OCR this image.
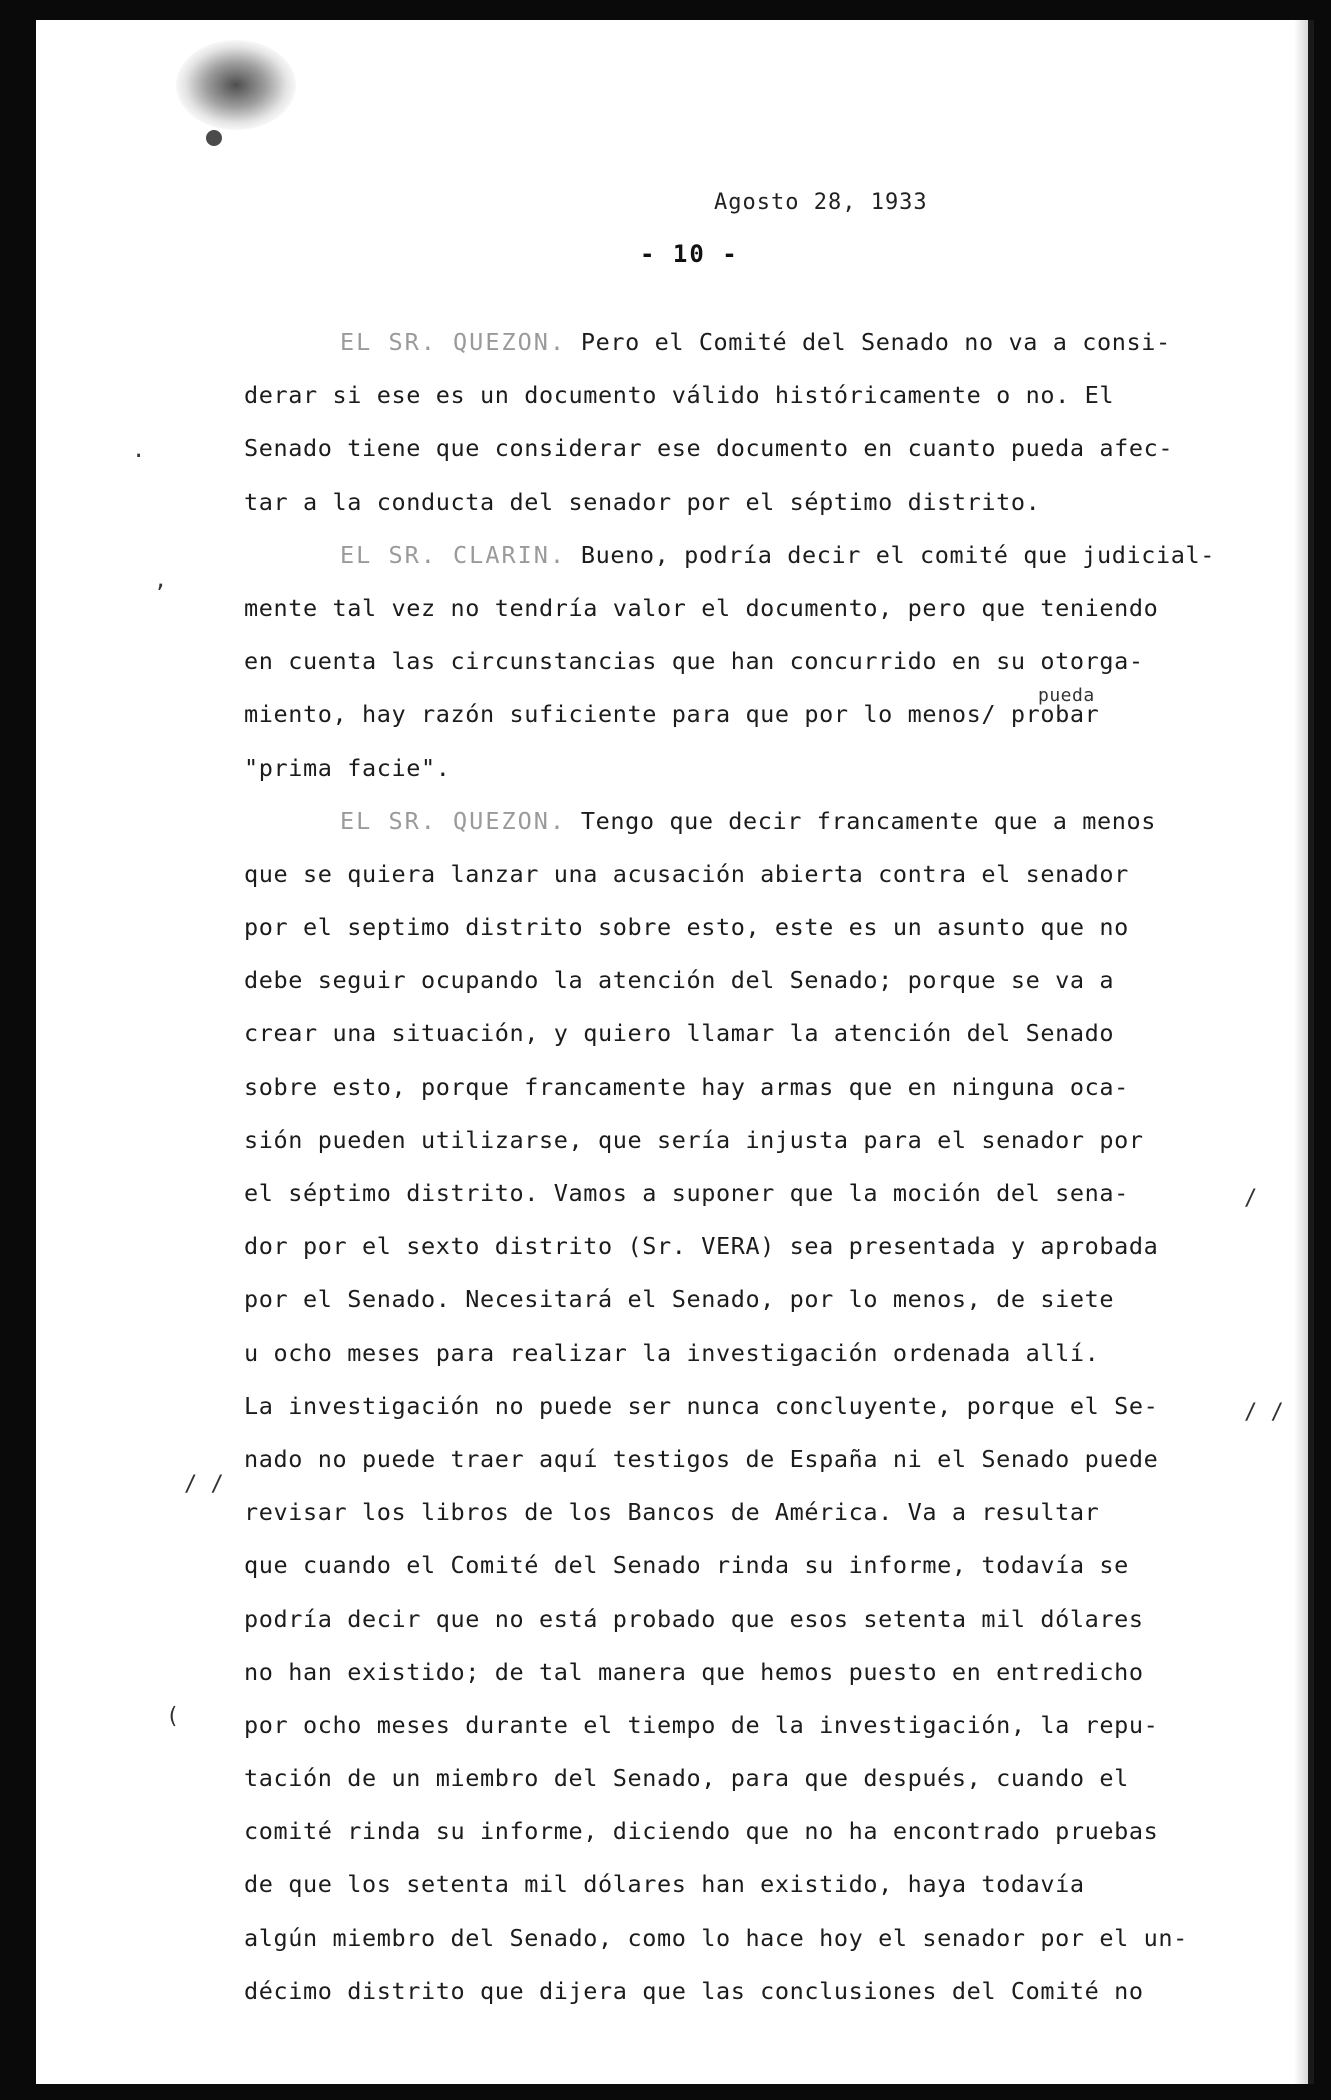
Agosto 28, 1933
- 10 -
pueda
EL SR. QUEZON. Pero el Comité del Senado no va a consi-
derar si ese es un documento válido históricamente o no. El
Senado tiene que considerar ese documento en cuanto pueda afec-
tar a la conducta del senador por el séptimo distrito.
EL SR. CLARIN. Bueno, podría decir el comité que judicial-
mente tal vez no tendría valor el documento, pero que teniendo
en cuenta las circunstancias que han concurrido en su otorga-
miento, hay razón suficiente para que por lo menos/ probar
"prima facie".
EL SR. QUEZON. Tengo que decir francamente que a menos
que se quiera lanzar una acusación abierta contra el senador
por el septimo distrito sobre esto, este es un asunto que no
debe seguir ocupando la atención del Senado; porque se va a
crear una situación, y quiero llamar la atención del Senado
sobre esto, porque francamente hay armas que en ninguna oca-
sión pueden utilizarse, que sería injusta para el senador por
el séptimo distrito. Vamos a suponer que la moción del sena-
dor por el sexto distrito (Sr. VERA) sea presentada y aprobada
por el Senado. Necesitará el Senado, por lo menos, de siete
u ocho meses para realizar la investigación ordenada allí.
La investigación no puede ser nunca concluyente, porque el Se-
nado no puede traer aquí testigos de España ni el Senado puede
revisar los libros de los Bancos de América. Va a resultar
que cuando el Comité del Senado rinda su informe, todavía se
podría decir que no está probado que esos setenta mil dólares
no han existido; de tal manera que hemos puesto en entredicho
por ocho meses durante el tiempo de la investigación, la repu-
tación de un miembro del Senado, para que después, cuando el
comité rinda su informe, diciendo que no ha encontrado pruebas
de que los setenta mil dólares han existido, haya todavía
algún miembro del Senado, como lo hace hoy el senador por el un-
décimo distrito que dijera que las conclusiones del Comité no
.
‚
/
/ /
/ /
(
